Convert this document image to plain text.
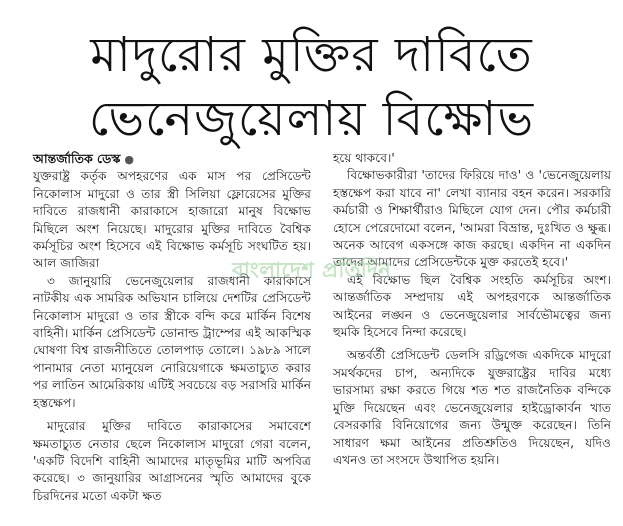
মাদুরোর মুক্তির দাবিতে
ভেনেজুয়েলায় বিক্ষোভ
আন্তর্জাতিক ডেস্ক ●

যুক্তরাষ্ট্র কর্তৃক অপহরণের এক মাস পর প্রেসিডেন্ট নিকোলাস মাদুরো ও তার স্ত্রী সিলিয়া ফ্লোরেসের মুক্তির দাবিতে রাজধানী কারাকাসে হাজারো মানুষ বিক্ষোভ মিছিলে অংশ নিয়েছে। মাদুরোর মুক্তির দাবিতে বৈশ্বিক কর্মসূচির অংশ হিসেবে এই বিক্ষোভ কর্মসূচি সংঘটিত হয়। আল জাজিরা

৩ জানুয়ারি ভেনেজুয়েলার রাজধানী কারাকাসে নাটকীয় এক সামরিক অভিযান চালিয়ে দেশটির প্রেসিডেন্ট নিকোলাস মাদুরো ও তার স্ত্রীকে বন্দি করে মার্কিন বিশেষ বাহিনী। মার্কিন প্রেসিডেন্ট ডোনাল্ড ট্রাম্পের এই আকস্মিক ঘোষণা বিশ্ব রাজনীতিতে তোলপাড় তোলে। ১৯৮৯ সালে পানামার নেতা ম্যানুয়েল নোরিয়েগাকে ক্ষমতাচ্যুত করার পর লাতিন আমেরিকায় এটিই সবচেয়ে বড় সরাসরি মার্কিন হস্তক্ষেপ।

মাদুরোর মুক্তির দাবিতে কারাকাসের সমাবেশে ক্ষমতাচ্যুত নেতার ছেলে নিকোলাস মাদুরো গেরা বলেন, 'একটি বিদেশি বাহিনী আমাদের মাতৃভূমির মাটি অপবিত্র করেছে। ৩ জানুয়ারির আগ্রাসনের স্মৃতি আমাদের বুকে চিরদিনের মতো একটা ক্ষত

হয়ে থাকবে।'

বিক্ষোভকারীরা 'তাদের ফিরিয়ে দাও' ও 'ভেনেজুয়েলায় হস্তক্ষেপ করা যাবে না' লেখা ব্যানার বহন করেন। সরকারি কর্মচারী ও শিক্ষার্থীরাও মিছিলে যোগ দেন। পৌর কর্মচারী হোসে পেরেদোমো বলেন, 'আমরা বিভ্রান্ত, দুঃখিত ও ক্ষুব্ধ। অনেক আবেগ একসঙ্গে কাজ করছে। একদিন না একদিন তাদের আমাদের প্রেসিডেন্টকে মুক্ত করতেই হবে।'

এই বিক্ষোভ ছিল বৈশ্বিক সংহতি কর্মসূচির অংশ। আন্তর্জাতিক সম্প্রদায় এই অপহরণকে আন্তর্জাতিক আইনের লঙ্ঘন ও ভেনেজুয়েলার সার্বভৌমত্বের জন্য হুমকি হিসেবে নিন্দা করেছে।

অন্তর্বর্তী প্রেসিডেন্ট ডেলসি রড্রিগেজ একদিকে মাদুরো সমর্থকদের চাপ, অন্যদিকে যুক্তরাষ্ট্রের দাবির মধ্যে ভারসাম্য রক্ষা করতে গিয়ে শত শত রাজনৈতিক বন্দিকে মুক্তি দিয়েছেন এবং ভেনেজুয়েলার হাইড্রোকার্বন খাত বেসরকারি বিনিয়োগের জন্য উন্মুক্ত করেছেন। তিনি সাধারণ ক্ষমা আইনের প্রতিশ্রুতিও দিয়েছেন, যদিও এখনও তা সংসদে উত্থাপিত হয়নি।

বাংলাদেশ প্রতিদিন
